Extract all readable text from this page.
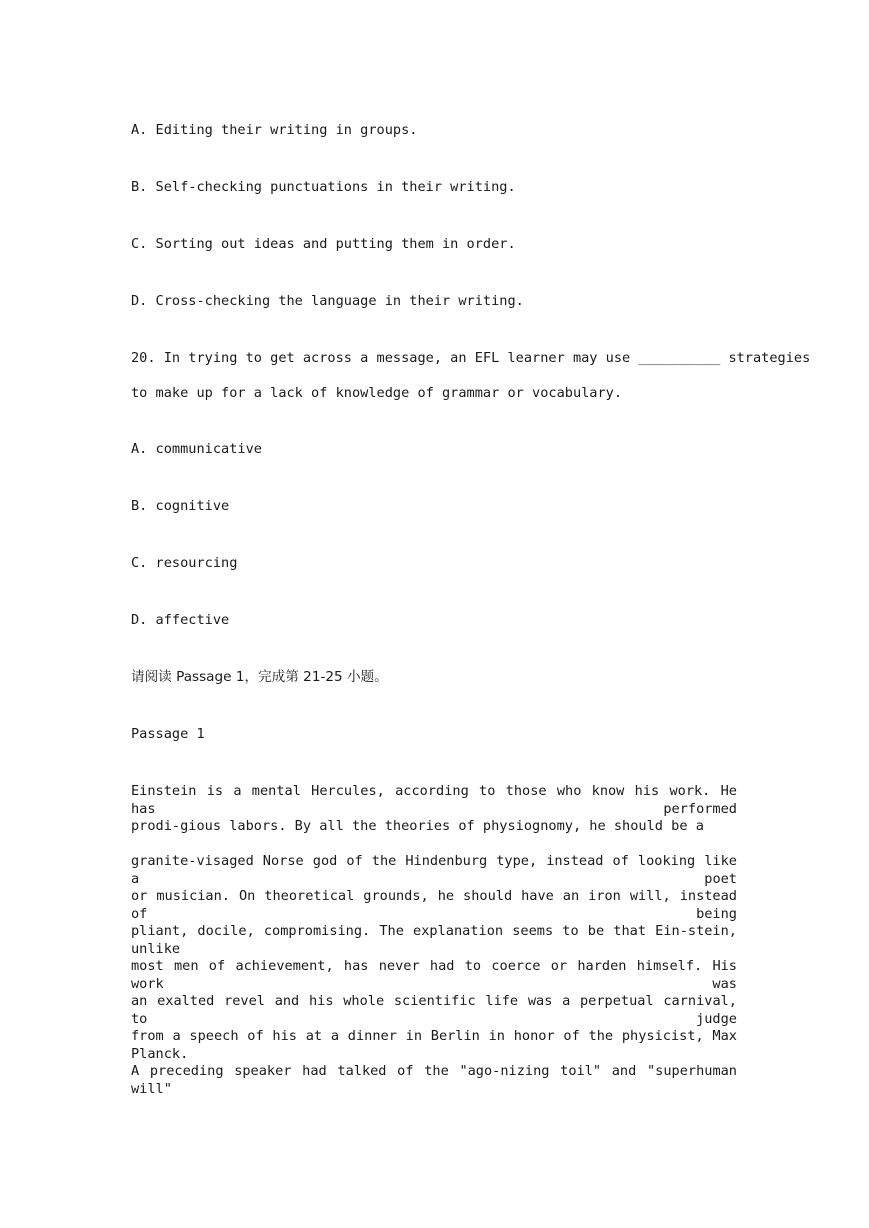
A. Editing their writing in groups.
B. Self-checking punctuations in their writing.
C. Sorting out ideas and putting them in order.
D. Cross-checking the language in their writing.
20. In trying to get across a message, an EFL learner may use __________ strategies
to make up for a lack of knowledge of grammar or vocabulary.
A. communicative
B. cognitive
C. resourcing
D. affective
请阅读 Passage 1，完成第 21-25 小题。
Passage 1
Einstein is a mental Hercules, according to those who know his work. He has performed
prodi-gious labors. By all the theories of physiognomy, he should be a
granite-visaged Norse god of the Hindenburg type, instead of looking like a poet
or musician. On theoretical grounds, he should have an iron will, instead of being
pliant, docile, compromising. The explanation seems to be that Ein-stein, unlike
most men of achievement, has never had to coerce or harden himself. His work was
an exalted revel and his whole scientific life was a perpetual carnival, to judge
from a speech of his at a dinner in Berlin in honor of the physicist, Max Planck.
A preceding speaker had talked of the "ago-nizing toil" and "superhuman will"
